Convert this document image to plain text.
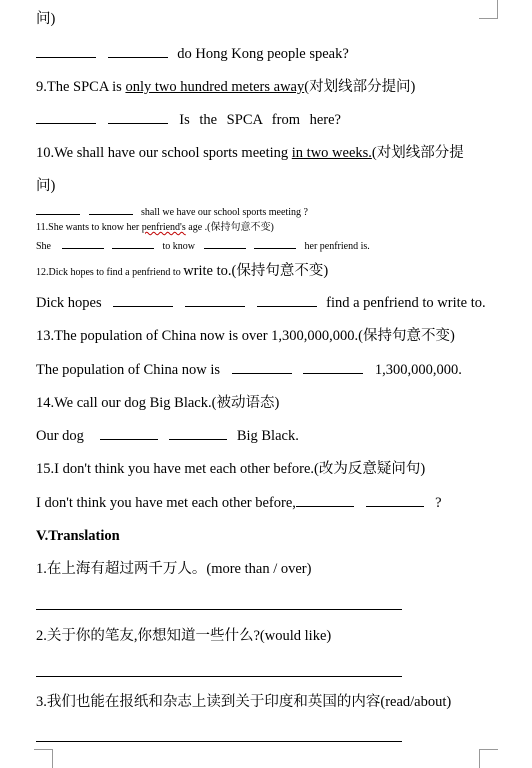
问)
do Hong Kong people speak?
9.The SPCA is only two hundred meters away(对划线部分提问)
Is the SPCA from here?
10.We shall have our school sports meeting in two weeks.(对划线部分提
问)
shall we have our school sports meeting ?
11.She wants to know her penfriend's age .(保持句意不变)
She	to know	her penfriend is.
12.Dick hopes to find a penfriend to write to.(保持句意不变)
Dick hopes	find a penfriend to write to.
13.The population of China now is over 1,300,000,000.(保持句意不变)
The population of China now is	1,300,000,000.
14.We call our dog Big Black.(被动语态)
Our dog	Big Black.
15.I don't think you have met each other before.(改为反意疑问句)
I don't think you have met each other before,	?
V.Translation
1.在上海有超过两千万人。(more than / over)
2.关于你的笔友,你想知道一些什么?(would like)
3.我们也能在报纸和杂志上读到关于印度和英国的内容(read/about)
